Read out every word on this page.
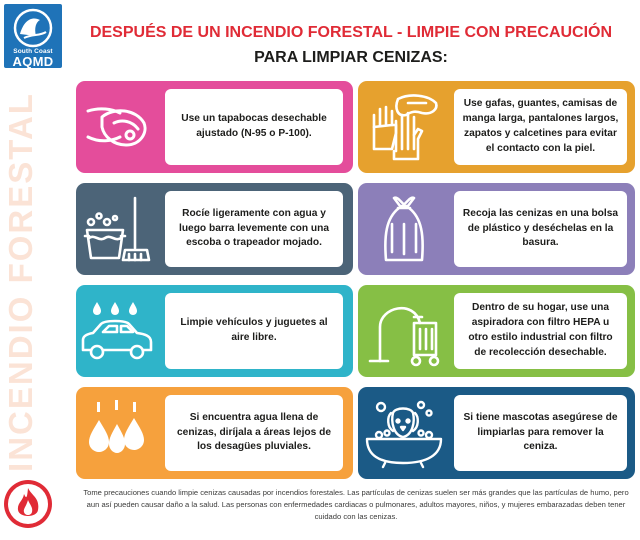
South Coast
AQMD
INCENDIO FORESTAL
DESPUÉS DE UN INCENDIO FORESTAL - LIMPIE CON PRECAUCIÓN
PARA LIMPIAR CENIZAS:
Use un tapabocas desechable ajustado (N-95 o P-100).
Use gafas, guantes, camisas de manga larga, pantalones largos, zapatos y calcetines para evitar el contacto con la piel.
Rocíe ligeramente con agua y luego barra levemente con una escoba o trapeador mojado.
Recoja las cenizas en una bolsa de plástico y deséchelas en la basura.
Limpie vehículos y juguetes al aire libre.
Dentro de su hogar, use una aspiradora con filtro HEPA u otro estilo industrial con filtro de recolección desechable.
Si encuentra agua llena de cenizas, diríjala a áreas lejos de los desagües pluviales.
Si tiene mascotas asegúrese de limpiarlas para remover la ceniza.
Tome precauciones cuando limpie cenizas causadas por incendios forestales. Las partículas de cenizas suelen ser más grandes que las partículas de humo, pero aun así pueden causar daño a la salud. Las personas con enfermedades cardiacas o pulmonares, adultos mayores, niños, y mujeres embarazadas deben tener cuidado con las cenizas.
